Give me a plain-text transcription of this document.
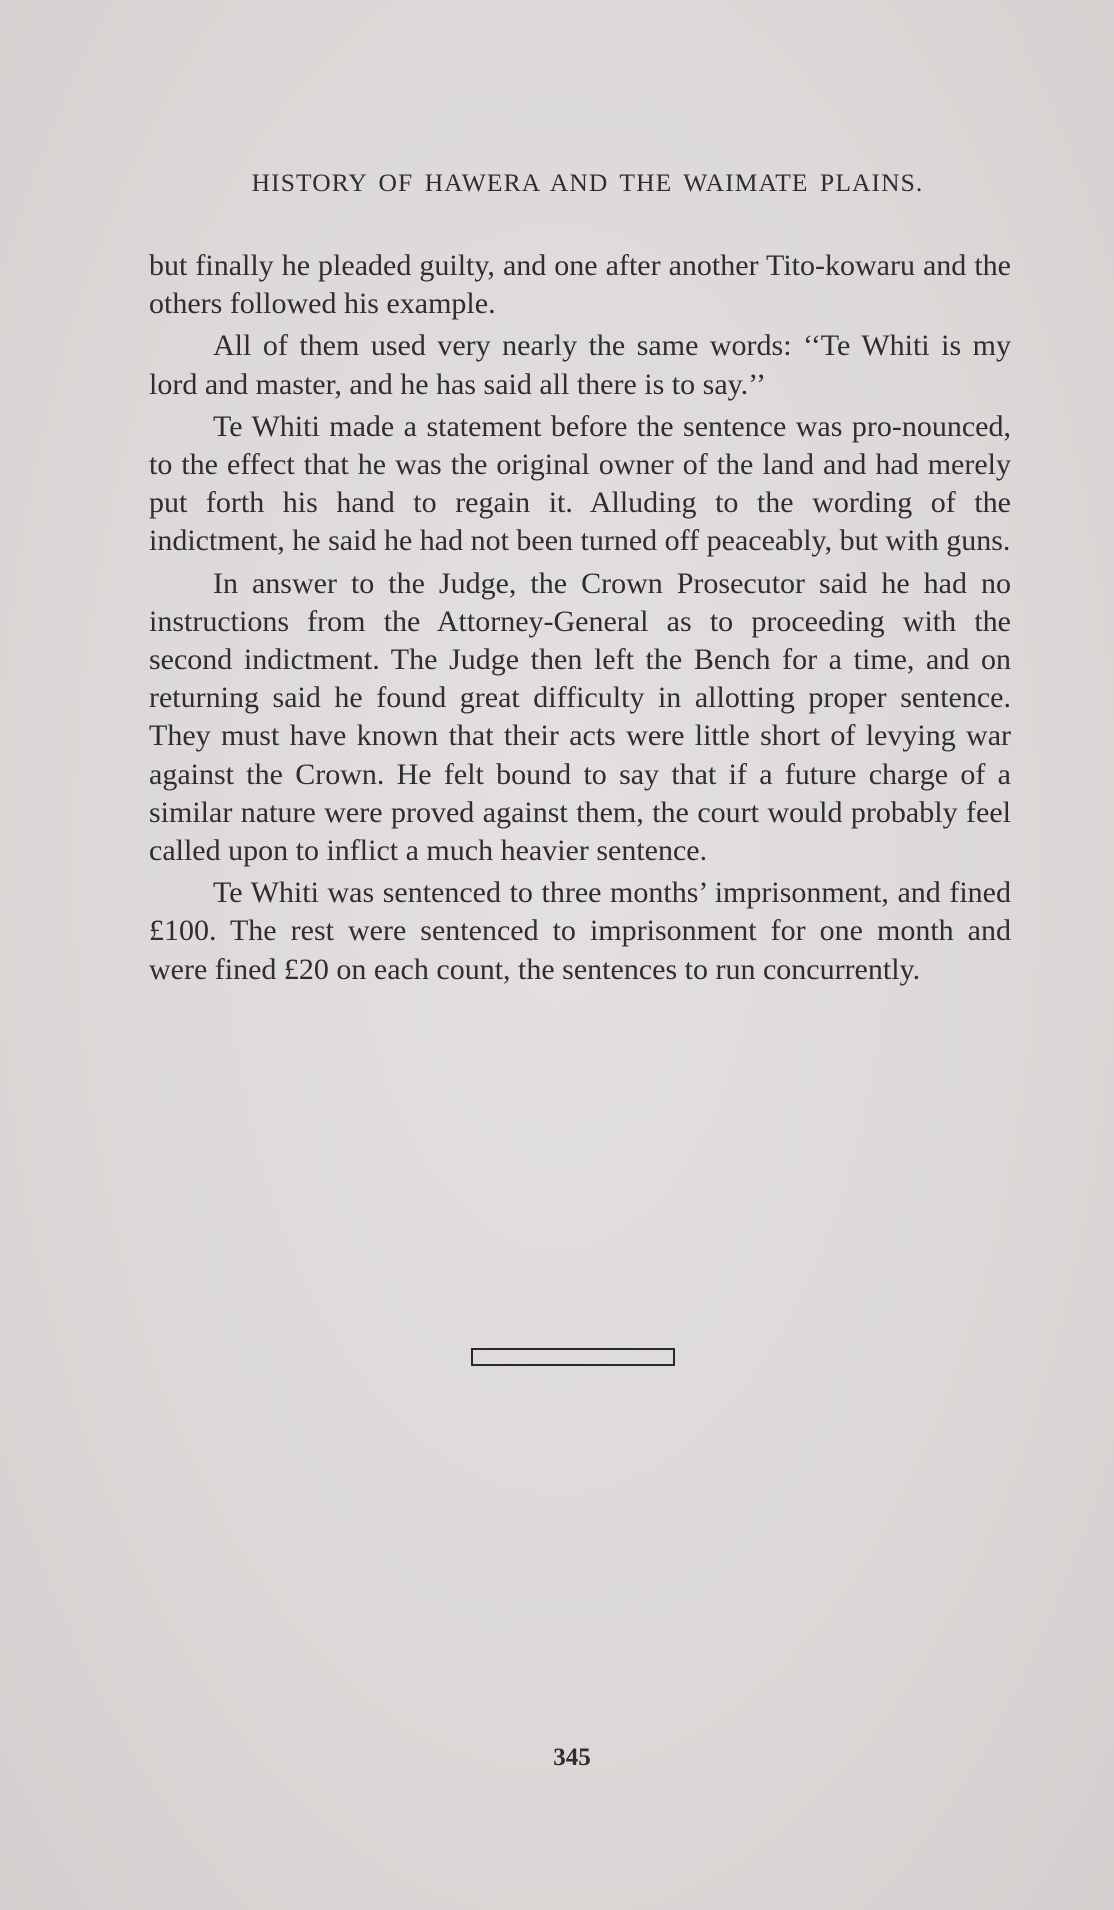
HISTORY OF HAWERA AND THE WAIMATE PLAINS.

but finally he pleaded guilty, and one after another Tito-kowaru and the others followed his example.

All of them used very nearly the same words: ‘‘Te Whiti is my lord and master, and he has said all there is to say.’’

Te Whiti made a statement before the sentence was pro-nounced, to the effect that he was the original owner of the land and had merely put forth his hand to regain it. Alluding to the wording of the indictment, he said he had not been turned off peaceably, but with guns.

In answer to the Judge, the Crown Prosecutor said he had no instructions from the Attorney-General as to proceeding with the second indictment. The Judge then left the Bench for a time, and on returning said he found great difficulty in allotting proper sentence. They must have known that their acts were little short of levying war against the Crown. He felt bound to say that if a future charge of a similar nature were proved against them, the court would probably feel called upon to inflict a much heavier sentence.

Te Whiti was sentenced to three months’ imprisonment, and fined £100. The rest were sentenced to imprisonment for one month and were fined £20 on each count, the sentences to run concurrently.

345
